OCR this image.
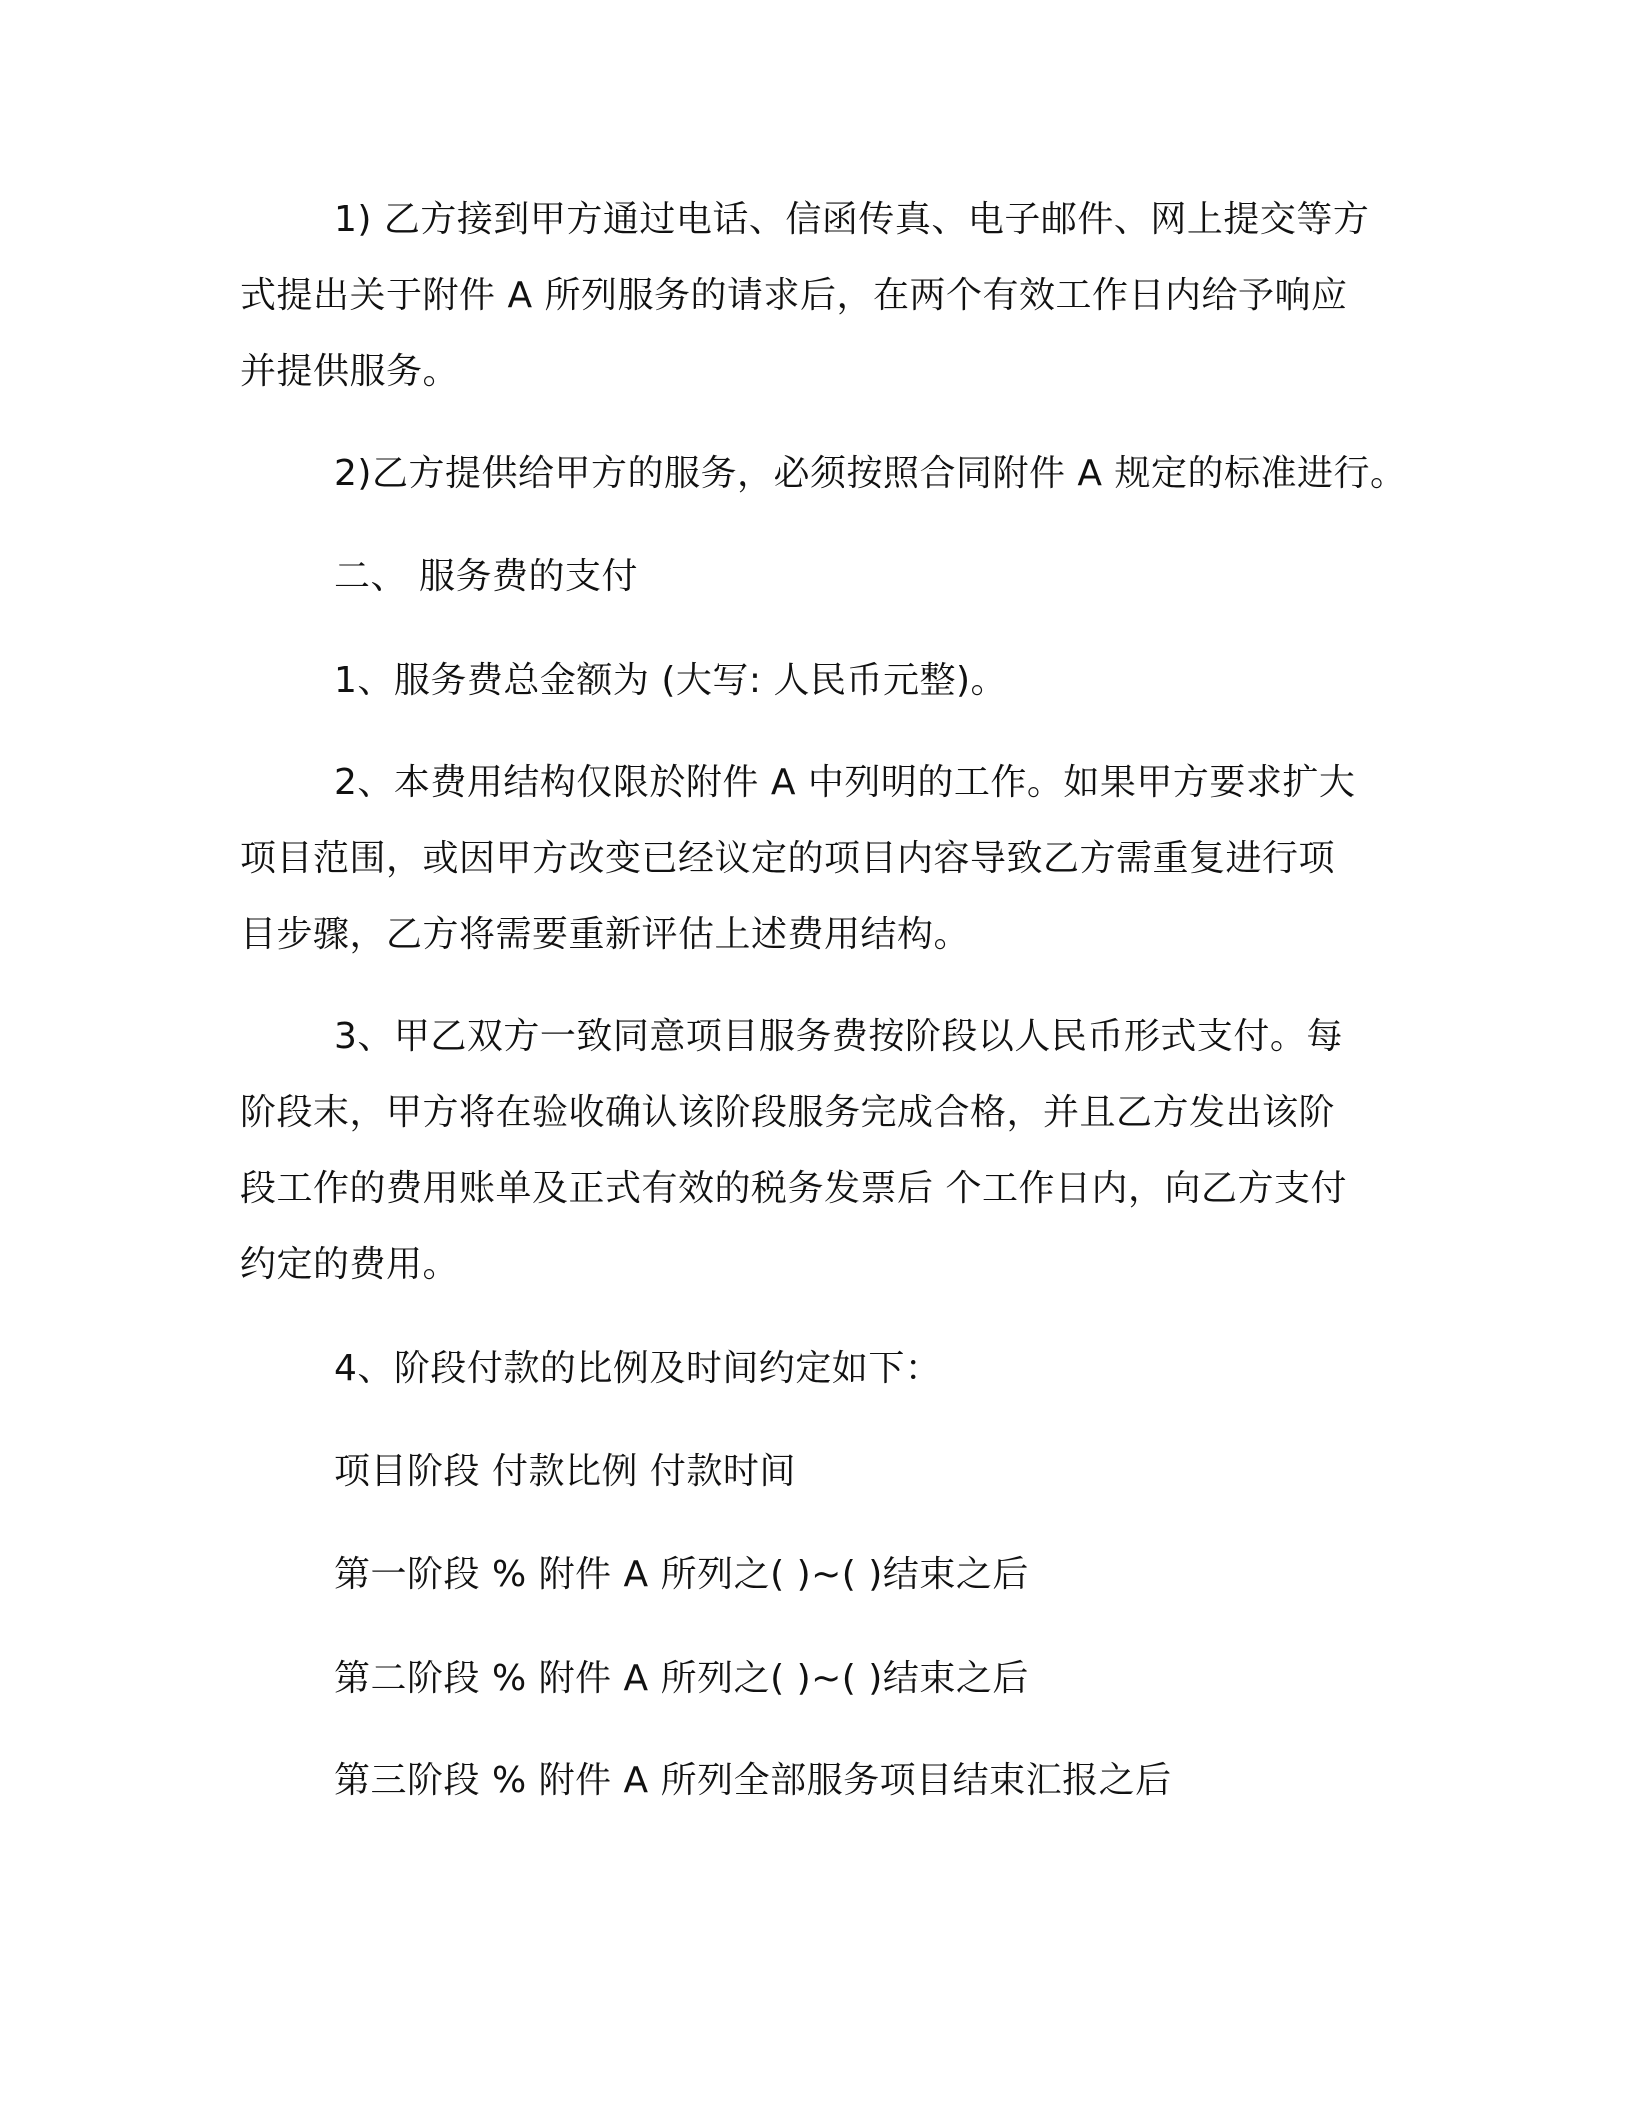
1) 乙方接到甲方通过电话、信函传真、电子邮件、网上提交等方
式提出关于附件 A 所列服务的请求后，在两个有效工作日内给予响应
并提供服务。
2)乙方提供给甲方的服务，必须按照合同附件 A 规定的标准进行。
二、 服务费的支付
1、服务费总金额为 (大写: 人民币元整)。
2、本费用结构仅限於附件 A 中列明的工作。如果甲方要求扩大
项目范围，或因甲方改变已经议定的项目内容导致乙方需重复进行项
目步骤，乙方将需要重新评估上述费用结构。
3、甲乙双方一致同意项目服务费按阶段以人民币形式支付。每
阶段末，甲方将在验收确认该阶段服务完成合格，并且乙方发出该阶
段工作的费用账单及正式有效的税务发票后 个工作日内，向乙方支付
约定的费用。
4、阶段付款的比例及时间约定如下：
项目阶段 付款比例 付款时间
第一阶段 % 附件 A 所列之( )~( )结束之后
第二阶段 % 附件 A 所列之( )~( )结束之后
第三阶段 % 附件 A 所列全部服务项目结束汇报之后
